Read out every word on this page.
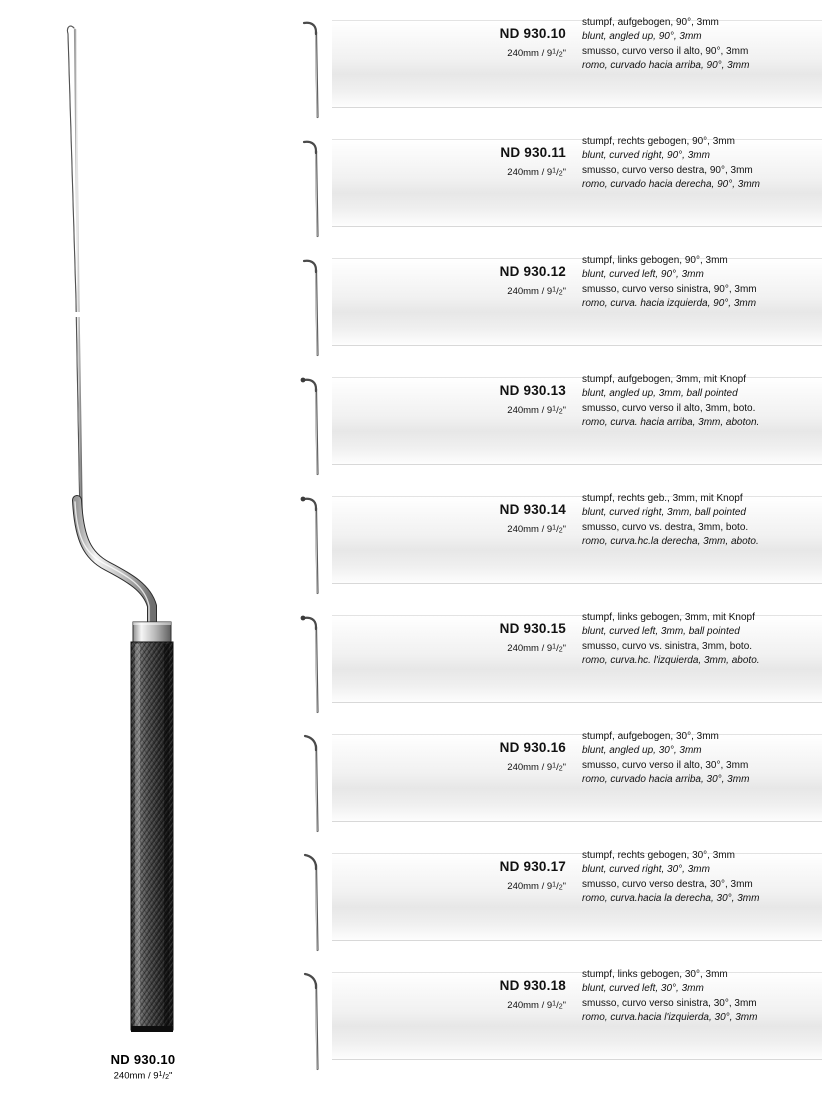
ND 930.10
$240mm / 9^1/2$"
ND 930.10
$240mm / 9^1/2$"
stumpf, aufgebogen, 90°, 3mm
blunt, angled up, 90°, 3mm
smusso, curvo verso il alto, 90°, 3mm
romo, curvado hacia arriba, 90°, 3mm
ND 930.11
$240mm / 9^1/2$"
stumpf, rechts gebogen, 90°, 3mm
blunt, curved right, 90°, 3mm
smusso, curvo verso destra, 90°, 3mm
romo, curvado hacia derecha, 90°, 3mm
ND 930.12
$240mm / 9^1/2$"
stumpf, links gebogen, 90°, 3mm
blunt, curved left, 90°, 3mm
smusso, curvo verso sinistra, 90°, 3mm
romo, curva. hacia izquierda, 90°, 3mm
ND 930.13
$240mm / 9^1/2$"
stumpf, aufgebogen, 3mm, mit Knopf
blunt, angled up, 3mm, ball pointed
smusso, curvo verso il alto, 3mm, boto.
romo, curva. hacia arriba, 3mm, aboton.
ND 930.14
$240mm / 9^1/2$"
stumpf, rechts geb., 3mm, mit Knopf
blunt, curved right, 3mm, ball pointed
smusso, curvo vs. destra, 3mm, boto.
romo, curva.hc.la derecha, 3mm, aboto.
ND 930.15
$240mm / 9^1/2$"
stumpf, links gebogen, 3mm, mit Knopf
blunt, curved left, 3mm, ball pointed
smusso, curvo vs. sinistra, 3mm, boto.
romo, curva.hc. l'izquierda, 3mm, aboto.
ND 930.16
$240mm / 9^1/2$"
stumpf, aufgebogen, 30°, 3mm
blunt, angled up, 30°, 3mm
smusso, curvo verso il alto, 30°, 3mm
romo, curvado hacia arriba, 30°, 3mm
ND 930.17
$240mm / 9^1/2$"
stumpf, rechts gebogen, 30°, 3mm
blunt, curved right, 30°, 3mm
smusso, curvo verso destra, 30°, 3mm
romo, curva.hacia la derecha, 30°, 3mm
ND 930.18
$240mm / 9^1/2$"
stumpf, links gebogen, 30°, 3mm
blunt, curved left, 30°, 3mm
smusso, curvo verso sinistra, 30°, 3mm
romo, curva.hacia l'izquierda, 30°, 3mm
